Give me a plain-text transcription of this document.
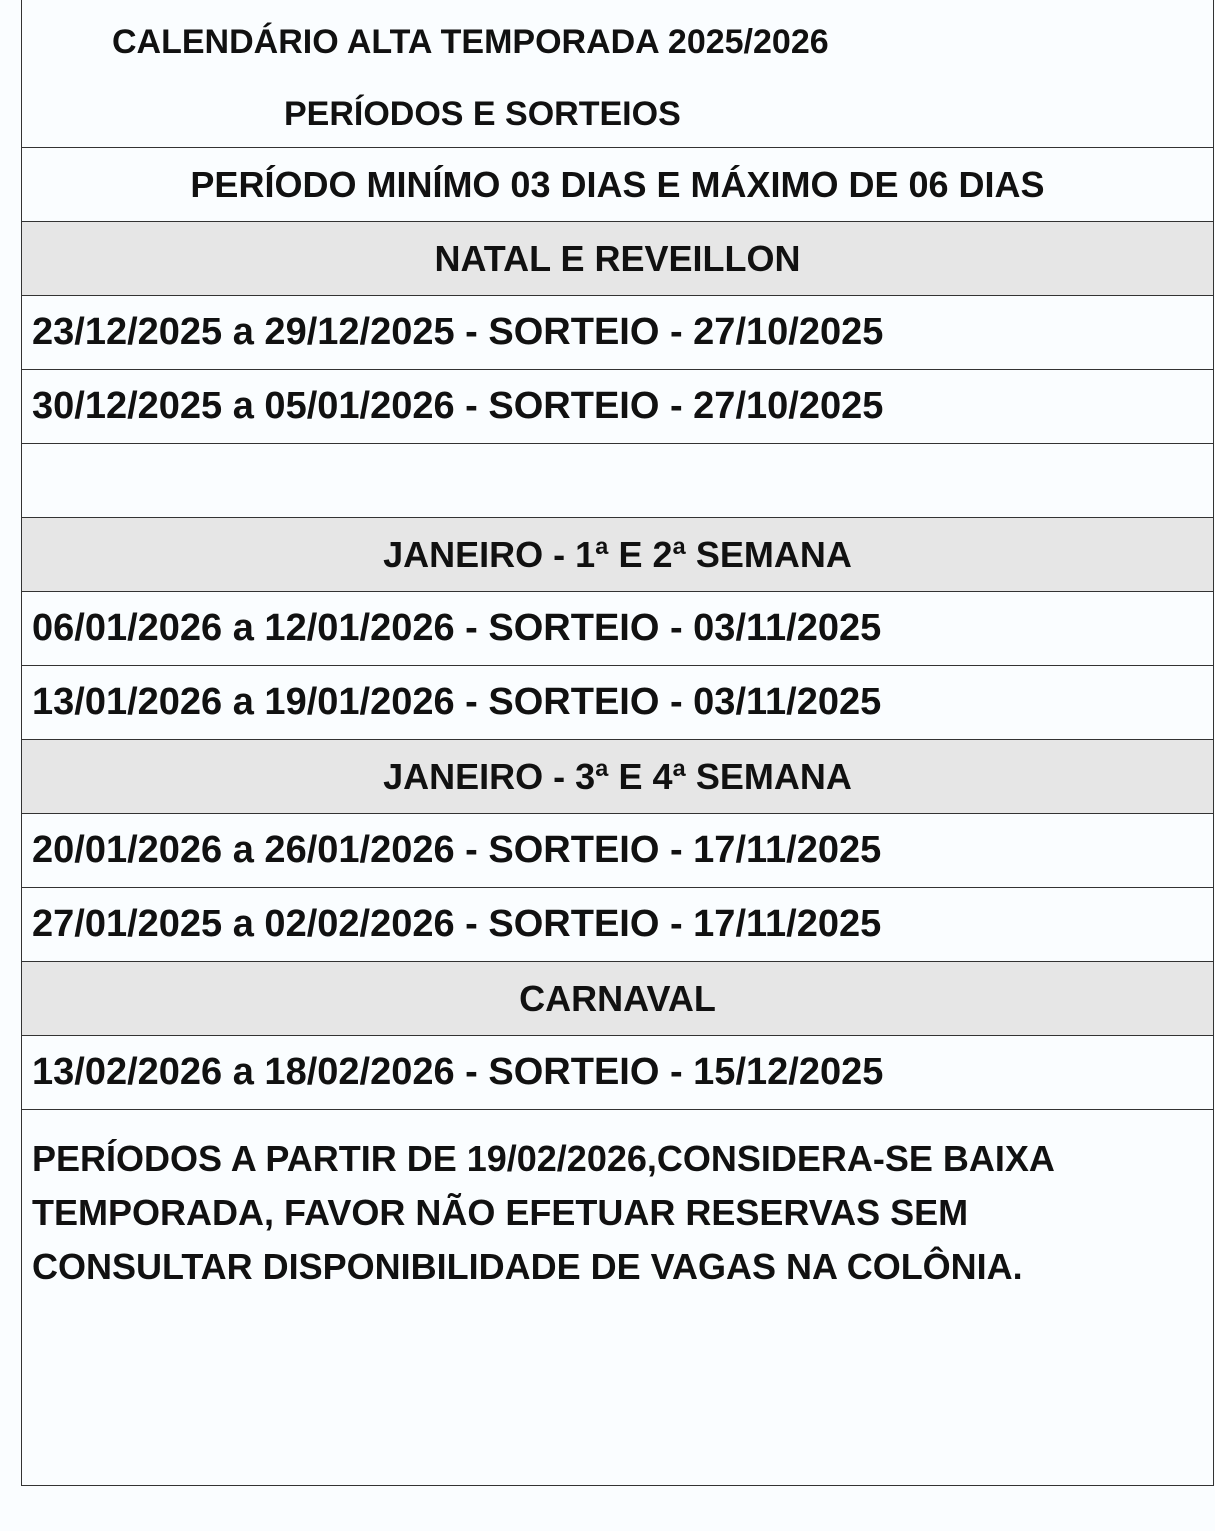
CALENDÁRIO ALTA TEMPORADA 2025/2026
PERÍODOS E SORTEIOS
PERÍODO MINÍMO 03 DIAS E MÁXIMO DE 06 DIAS
NATAL E REVEILLON
23/12/2025 a 29/12/2025 - SORTEIO - 27/10/2025
30/12/2025 a 05/01/2026 - SORTEIO - 27/10/2025
JANEIRO - 1ª E 2ª SEMANA
06/01/2026 a 12/01/2026 - SORTEIO - 03/11/2025
13/01/2026 a 19/01/2026 - SORTEIO - 03/11/2025
JANEIRO - 3ª E 4ª SEMANA
20/01/2026 a 26/01/2026 - SORTEIO - 17/11/2025
27/01/2025 a 02/02/2026 - SORTEIO - 17/11/2025
CARNAVAL
13/02/2026 a 18/02/2026 - SORTEIO - 15/12/2025
PERÍODOS A PARTIR DE 19/02/2026,CONSIDERA-SE BAIXA
TEMPORADA, FAVOR NÃO EFETUAR RESERVAS SEM
CONSULTAR DISPONIBILIDADE DE VAGAS NA COLÔNIA.
